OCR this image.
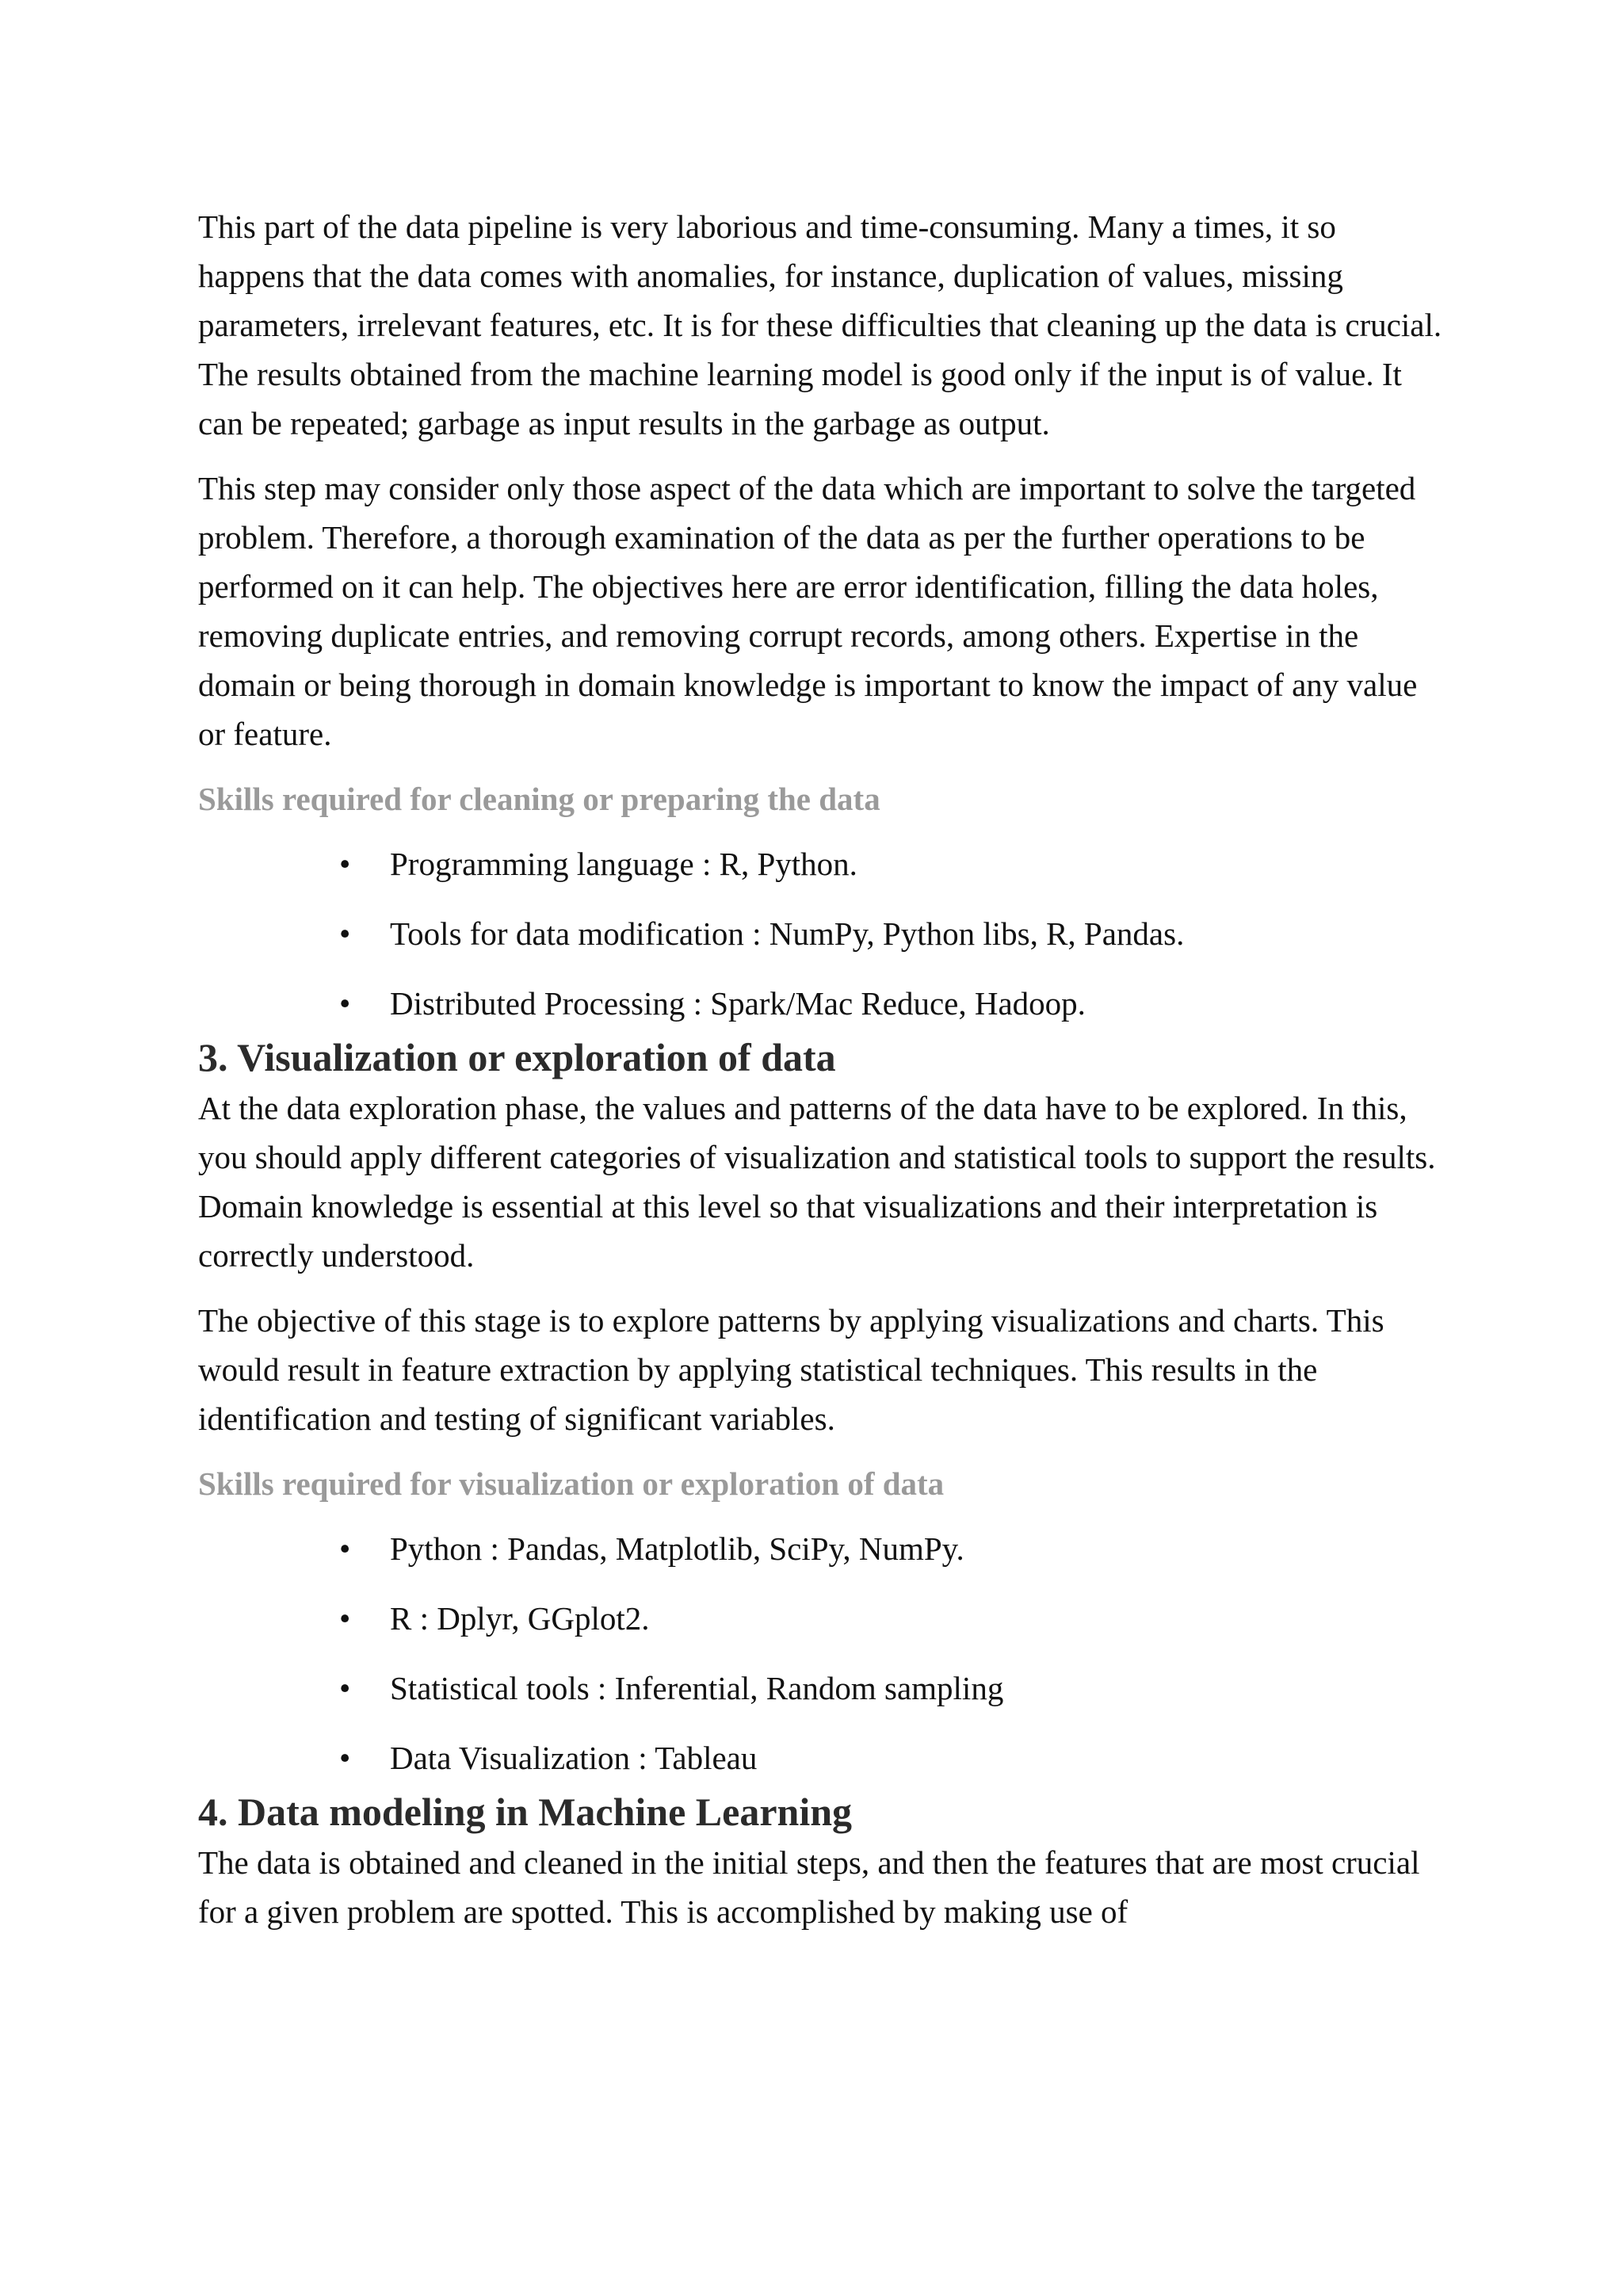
This part of the data pipeline is very laborious and time-consuming. Many a times, it so happens that the data comes with anomalies, for instance, duplication of values, missing parameters, irrelevant features, etc. It is for these difficulties that cleaning up the data is crucial. The results obtained from the machine learning model is good only if the input is of value. It can be repeated; garbage as input results in the garbage as output.

This step may consider only those aspect of the data which are important to solve the targeted problem. Therefore, a thorough examination of the data as per the further operations to be performed on it can help. The objectives here are error identification, filling the data holes, removing duplicate entries, and removing corrupt records, among others. Expertise in the domain or being thorough in domain knowledge is important to know the impact of any value or feature.

Skills required for cleaning or preparing the data
• Programming language : R, Python.
• Tools for data modification : NumPy, Python libs, R, Pandas.
• Distributed Processing : Spark/Mac Reduce, Hadoop.
3. Visualization or exploration of data

At the data exploration phase, the values and patterns of the data have to be explored. In this, you should apply different categories of visualization and statistical tools to support the results. Domain knowledge is essential at this level so that visualizations and their interpretation is correctly understood.

The objective of this stage is to explore patterns by applying visualizations and charts. This would result in feature extraction by applying statistical techniques. This results in the identification and testing of significant variables.

Skills required for visualization or exploration of data
• Python : Pandas, Matplotlib, SciPy, NumPy.
• R : Dplyr, GGplot2.
• Statistical tools : Inferential, Random sampling
• Data Visualization : Tableau
4. Data modeling in Machine Learning

The data is obtained and cleaned in the initial steps, and then the features that are most crucial for a given problem are spotted. This is accomplished by making use of
